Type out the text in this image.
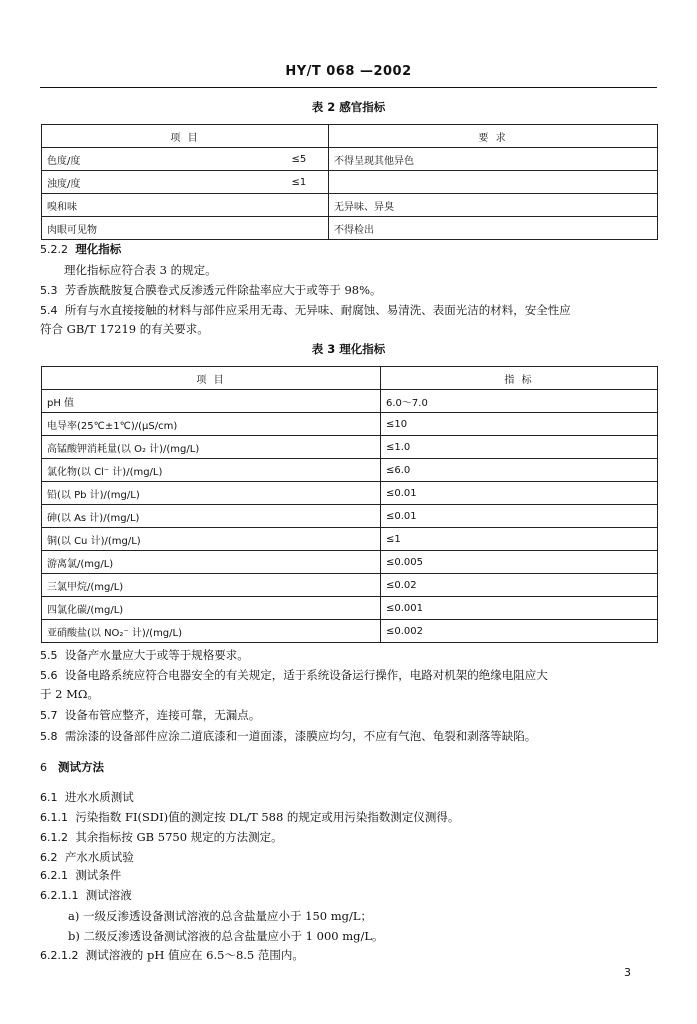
HY/T 068 —2002
表 2 感官指标
项 目		要 求
色度/度	≤5	不得呈现其他异色
浊度/度	≤1	
嗅和味		无异味、异臭
肉眼可见物		不得检出
5.2.2 理化指标
理化指标应符合表 3 的规定。
5.3 芳香族酰胺复合膜卷式反渗透元件除盐率应大于或等于 98%。
5.4 所有与水直接接触的材料与部件应采用无毒、无异味、耐腐蚀、易清洗、表面光洁的材料，安全性应
符合 GB/T 17219 的有关要求。
表 3 理化指标
项 目	指 标
pH 值	6.0～7.0
电导率(25℃±1℃)/(μS/cm)	≤10
高锰酸钾消耗量(以 O₂ 计)/(mg/L)	≤1.0
氯化物(以 Cl⁻ 计)/(mg/L)	≤6.0
铅(以 Pb 计)/(mg/L)	≤0.01
砷(以 As 计)/(mg/L)	≤0.01
铜(以 Cu 计)/(mg/L)	≤1
游离氯/(mg/L)	≤0.005
三氯甲烷/(mg/L)	≤0.02
四氯化碳/(mg/L)	≤0.001
亚硝酸盐(以 NO₂⁻ 计)/(mg/L)	≤0.002
5.5 设备产水量应大于或等于规格要求。
5.6 设备电路系统应符合电器安全的有关规定，适于系统设备运行操作，电路对机架的绝缘电阻应大
于 2 MΩ。
5.7 设备布管应整齐，连接可靠，无漏点。
5.8 需涂漆的设备部件应涂二道底漆和一道面漆，漆膜应均匀，不应有气泡、龟裂和剥落等缺陷。
6 测试方法
6.1 进水水质测试
6.1.1 污染指数 FI(SDI)值的测定按 DL/T 588 的规定或用污染指数测定仪测得。
6.1.2 其余指标按 GB 5750 规定的方法测定。
6.2 产水水质试验
6.2.1 测试条件
6.2.1.1 测试溶液
a) 一级反渗透设备测试溶液的总含盐量应小于 150 mg/L；
b) 二级反渗透设备测试溶液的总含盐量应小于 1 000 mg/L。
6.2.1.2 测试溶液的 pH 值应在 6.5～8.5 范围内。
3
